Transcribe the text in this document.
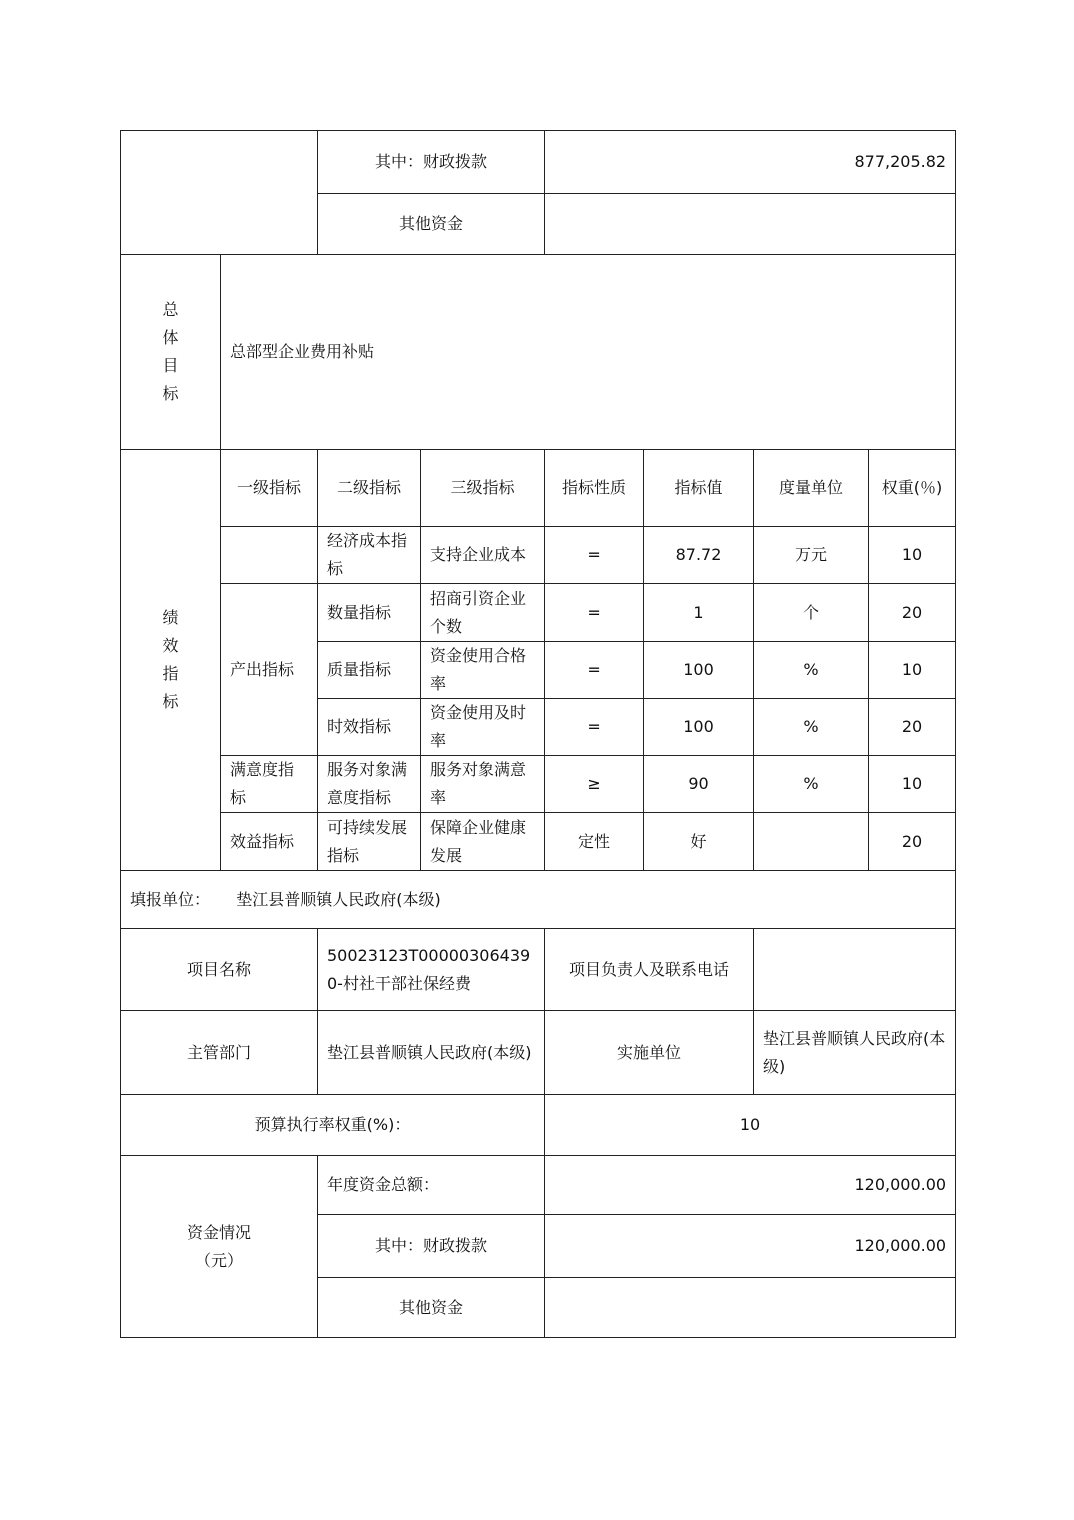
		其中：财政拨款		877,205.82			
		其他资金					

总
体
目
标	总部型企业费用补贴						

绩
效
指
标	一级指标	二级指标	三级指标	指标性质	指标值	度量单位	权重(％)
		经济成本指标	支持企业成本	=	87.72	万元	10
	产出指标	数量指标	招商引资企业个数	=	1	个	20
		质量指标	资金使用合格率	=	100	%	10
		时效指标	资金使用及时率	=	100	%	20
	满意度指标	服务对象满意度指标	服务对象满意率	≥	90	%	10
	效益指标	可持续发展指标	保障企业健康发展	定性	好		20
填报单位： 垫江县普顺镇人民政府(本级)							
项目名称		50023123T000003064390-村社干部社保经费		项目负责人及联系电话			
主管部门		垫江县普顺镇人民政府(本级)		实施单位		垫江县普顺镇人民政府(本级)	
预算执行率权重(%)：				10			

资金情况
（元）		年度资金总额：		120,000.00			
		其中：财政拨款		120,000.00			
		其他资金					
